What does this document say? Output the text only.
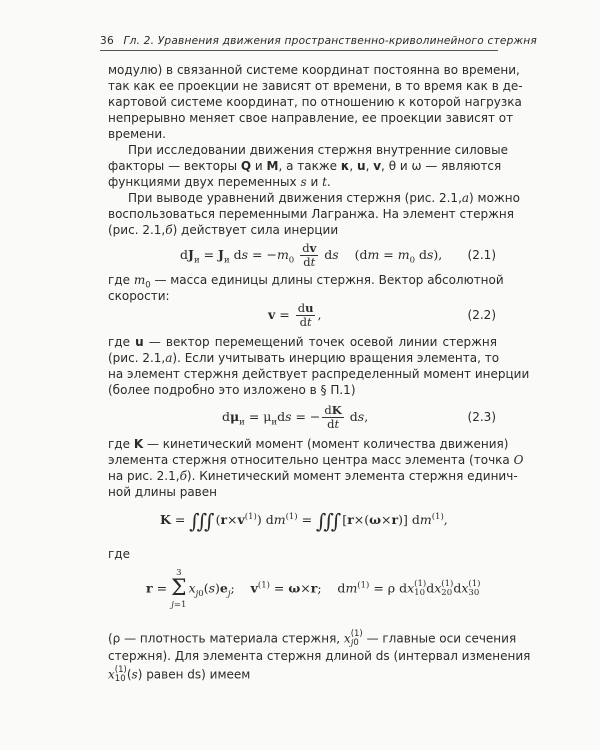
36 Гл. 2. Уравнения движения пространственно-криволинейного стержня
модулю) в связанной системе координат постоянна во времени,
так как ее проекции не зависят от времени, в то время как в де-
картовой системе координат, по отношению к которой нагрузка
непрерывно меняет свое направление, ее проекции зависят от
времени.
При исследовании движения стержня внутренние силовые
факторы — векторы Q и M, а также κ, u, v, θ и ω — являются
функциями двух переменных s и t.
При выводе уравнений движения стержня (рис. 2.1,а) можно
воспользоваться переменными Лагранжа. На элемент стержня
(рис. 2.1,б) действует сила инерции
$dJ_и = J_и$ ds = $-m_0 \frac{dv}{dt}$ ds    ($dm = m_0$ ds),	(2.1)
где $m_0$ — масса единицы длины стержня. Вектор абсолютной
скорости:
$v = \frac{du}{dt}$ ,	(2.2)
где u — вектор перемещений точек осевой линии стержня
(рис. 2.1,а). Если учитывать инерцию вращения элемента, то
на элемент стержня действует распределенный момент инерции
(более подробно это изложено в § П.1)
$d\mu_и = \mu_иds$ = − $\frac{dK}{dt}$ ds,	(2.3)
где K — кинетический момент (момент количества движения)
элемента стержня относительно центра масс элемента (точка O
на рис. 2.1,б). Кинетический момент элемента стержня единич-
ной длины равен
K = ∫∫∫ $(r\times v^{(1)}) dm^{(1)}$ = ∫∫∫ [r×(ω×r)] $dm^{(1)}$,
где
r = 3
Σ
$j=1x_{j0}(s)e_j$;    $v^{(1)} = \omega\times r$;    $dm^{(1)} = \rho$ dx(1)
10dx(1)
20dx(1)
30
(ρ — плотность материала стержня, x(1)
j0 — главные оси сечения
стержня). Для элемента стержня длиной ds (интервал изменения
x(1)
10(s) равен ds) имеем
